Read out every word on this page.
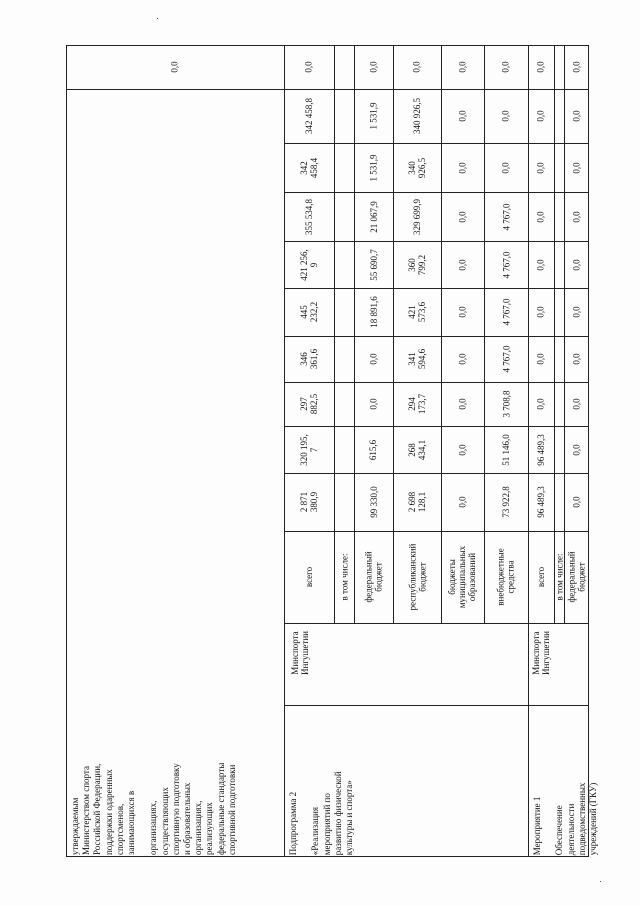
0,0
2 871
380,9
320 195,
7
297
882,5
346
361,6
445
232,2
421 256,
9
355 534,8
342
458,4
342 458,8
0,0
всего	в том числе:
99 330,0
615,6
0,0
0,0
18 891,6
55 690,7
21 067,9
1 531,9
1 531,9
0,0
федеральный
бюджет
2 698
128,1
268
434,1
294
173,7
341
594,6
421
573,6
360
799,2
329 699,9
340
926,5
340 926,5
0,0
республиканский
бюджет
0,0
0,0
0,0
0,0
0,0
0,0
0,0
0,0
0,0
0,0
бюджеты
муниципальных
образований
73 922,8
51 146,0
3 708,8
4 767,0
4 767,0
4 767,0
4 767,0
0,0
0,0
0,0
внебюджетные
средства
96 489,3
96 489,3
0,0
0,0
0,0
0,0
0,0
0,0
0,0
0,0
всего в том числе:
0,0
0,0
0,0
0,0
0,0
0,0
0,0
0,0
0,0
0,0
федеральный
бюджет
Минспорта
Ингушетии	Минспорта
Ингушетии
утверждаемым
Министерством спорта
Российской Федерации,
поддержки одаренных
спортсменов,
занимающихся в

организациях,
осуществляющих
спортивную подготовку
и образовательных
организациях,
реализующих
федеральные стандарты
спортивной подготовки
Подпрограмма 2

«Реализация
мероприятий по
развитию физической
культуры и спорта»
Мероприятие 1

Обеспечение
деятельности
подведомственных
учреждений (ГКУ)
